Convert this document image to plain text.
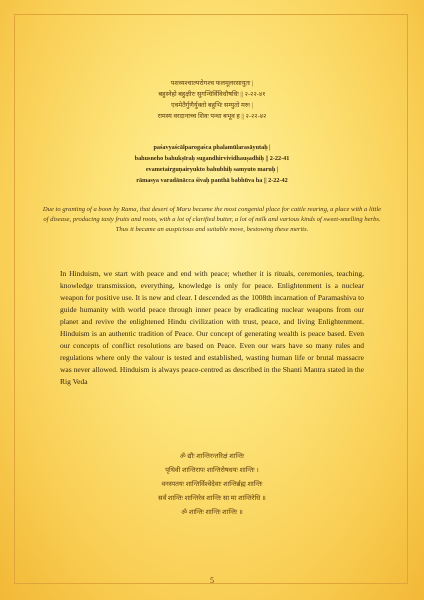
पशव्यश्चाल्परोगश्च फलमूलरसायुतः |
बहुस्नेहो बहुक्षीरः सुगन्धिर्विविधौषधिः || २-२२-४१
एवमेतैर्गुणैर्युक्तो बहुभिः सम्युतो मरुः |
रामस्य वरदानाच्च शिवः पन्था बभूव ह || २-२२-४२
paśavyaścālparogaśca phalamūlarasāyutaḥ |
bahusneho bahukṣīraḥ sugandhirvividhauṣadhiḥ || 2-22-41
evametairguṇairyukto bahubhiḥ samyuto maruḥ |
rāmasya varadānācca śivaḥ panthā babhūva ha || 2-22-42
Due to granting of a boon by Rama, that desert of Maru became the most congenial place for cattle rearing, a place with a little of disease, producing tasty fruits and roots, with a lot of clarified butter, a lot of milk and various kinds of sweet-smelling herbs. Thus it became an auspicious and suitable move, bestowing these merits.
In Hinduism, we start with peace and end with peace; whether it is rituals, ceremonies, teaching, knowledge transmission, everything, knowledge is only for peace. Enlightenment is a nuclear weapon for positive use. It is new and clear. I descended as the 1008th incarnation of Paramashiva to guide humanity with world peace through inner peace by eradicating nuclear weapons from our planet and revive the enlightened Hindu civilization with trust, peace, and living Enlightenment. Hinduism is an authentic tradition of Peace. Our concept of generating wealth is peace based. Even our concepts of conflict resolutions are based on Peace. Even our wars have so many rules and regulations where only the valour is tested and established, wasting human life or brutal massacre was never allowed. Hinduism is always peace-centred as described in the Shanti Mantra stated in the Rig Veda
ॐ द्यौः शान्तिरन्तरिक्षं शान्तिः
पृथिवी शान्तिरापः शान्तिरोषधयः शान्तिः ।
वनस्पतयः शान्तिर्विश्वेदेवाः शान्तिर्ब्रह्म शान्तिः
सर्वं शान्तिः शान्तिरेव शान्तिः सा मा शान्तिरेधि ॥
ॐ शान्तिः शान्तिः शान्तिः ॥
5
